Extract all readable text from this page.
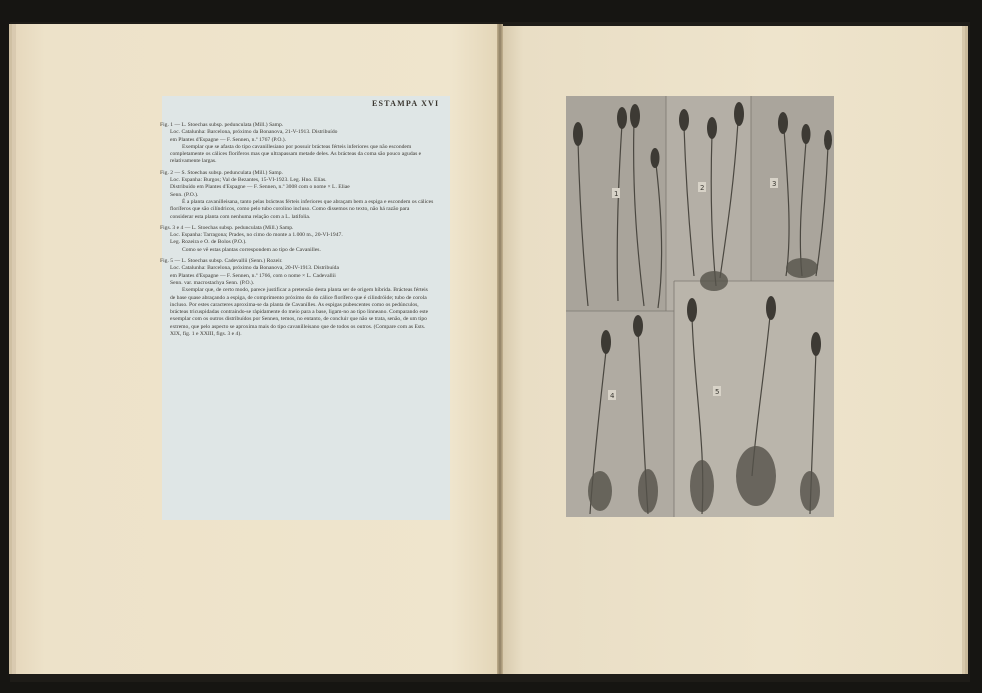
ESTAMPA XVI
Fig. 1 — L. Stoechas subsp. pedunculata (Mill.) Samp.
Loc. Catalunha: Barcelona, próximo da Bonanova, 21-V-1913. Distribuído
em Plantes d'Espagne — F. Sennen, n.º 1767 (P.O.).
Exemplar que se afasta do tipo cavanillesiano por possuir brácteas férteis inferiores que não escondem completamente os cálices floríferos mas que ultrapassam metade deles. As brácteas da coma são pouco agudas e relativamente largas.
Fig. 2 — S. Stoechas subsp. pedunculata (Mill.) Samp.
Loc. Espanha: Burgos; Val de Bezantes, 15-VI-1923. Leg. Hno. Elías.
Distribuído em Plantes d'Espagne — F. Sennen, n.º 3008 com o nome × L. Eliae
Senn. (P.O.).
É a planta cavanilleisana, tanto pelas brácteas férteis inferiores que abraçam bem a espiga e escondem os cálices floríferos que são cilíndricos, como pelo tubo corolino incluso. Como dissemos no texto, não há razão para considerar esta planta com nenhuma relação com a L. latifolia.
Figs. 3 e 4 — L. Stoechas subsp. pedunculata (Mill.) Samp.
Loc. Espanha: Tarragona; Prades, no cimo do monte a 1.000 m., 20-VI-1947.
Leg. Rozeira e O. de Bolos (P.O.).
Como se vê estas plantas correspondem ao tipo de Cavanilles.
Fig. 5 — L. Stoechas subsp. Cadevallii (Senn.) Rozeir.
Loc. Catalunha: Barcelona, próximo da Bonanova, 20-IV-1913. Distribuída
em Plantes d'Espagne — F. Sennen, n.º 1766, com o nome × L. Cadevallii
Senn. var. macrostachya Senn. (P.O.).
Exemplar que, de certo modo, parece justificar a pretensão desta planta ser de origem híbrida. Brácteas férteis de base quase abraçando a espiga, de comprimento próximo do do cálice florífero que é cilindróide; tubo de corola incluso. Por estes caracteres aproxima-se da planta de Cavanilles. As espigas pubescentes como os pedúnculos, brácteas tricuspidadas contraindo-se ràpidamente do meio para a base, ligam-no ao tipo linneano. Comparando este exemplar com os outros distribuídos por Sennen, temos, no entanto, de concluir que não se trata, senão, de um tipo extremo, que pelo aspecto se aproxima mais do tipo cavanilleisano que de todos os outros. (Compare com as Ests. XIX, fig. 1 e XXIII, figs. 3 e 4).
1
2	3
4	5
